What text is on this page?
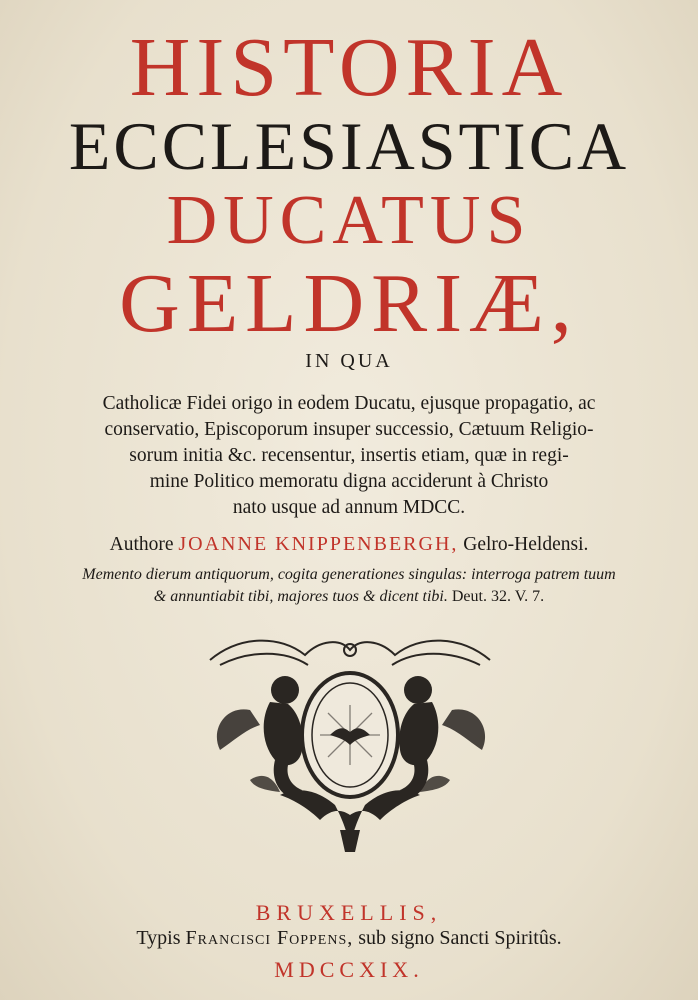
HISTORIA
ECCLESIASTICA
DUCATUS
GELDRIÆ,
IN QUA
Catholicæ Fidei origo in eodem Ducatu, ejusque propagatio, ac
conservatio, Episcoporum insuper successio, Cætuum Religio-
sorum initia &c. recensentur, insertis etiam, quæ in regi-
mine Politico memoratu digna acciderunt à Christo
nato usque ad annum MDCC.
Authore JOANNE KNIPPENBERGH, Gelro-Heldensi.
Memento dierum antiquorum, cogita generationes singulas: interroga patrem tuum
& annuntiabit tibi, majores tuos & dicent tibi. Deut. 32. V. 7.
BRUXELLIS,
Typis Francisci Foppens, sub signo Sancti Spiritûs.
MDCCXIX.
